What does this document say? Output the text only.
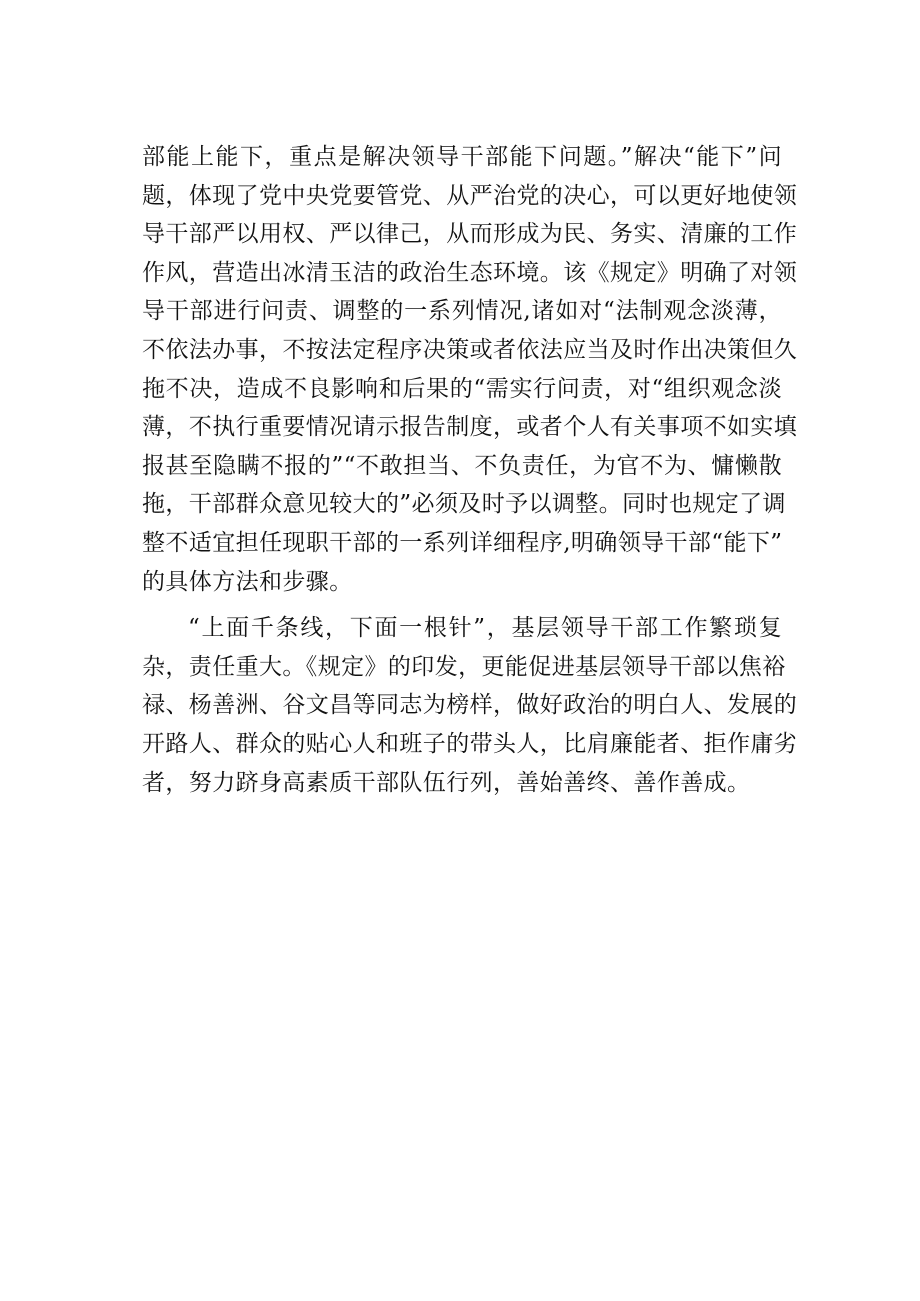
部能上能下，重点是解决领导干部能下问题。”解决“能下”问
题，体现了党中央党要管党、从严治党的决心，可以更好地使领
导干部严以用权、严以律己，从而形成为民、务实、清廉的工作
作风，营造出冰清玉洁的政治生态环境。该《规定》明确了对领
导干部进行问责、调整的一系列情况,诸如对“法制观念淡薄，
不依法办事，不按法定程序决策或者依法应当及时作出决策但久
拖不决，造成不良影响和后果的“需实行问责，对“组织观念淡
薄，不执行重要情况请示报告制度，或者个人有关事项不如实填
报甚至隐瞒不报的”“不敢担当、不负责任，为官不为、慵懒散
拖，干部群众意见较大的”必须及时予以调整。同时也规定了调
整不适宜担任现职干部的一系列详细程序,明确领导干部“能下”
的具体方法和步骤。
“上面千条线，下面一根针”，基层领导干部工作繁琐复
杂，责任重大。《规定》的印发，更能促进基层领导干部以焦裕
禄、杨善洲、谷文昌等同志为榜样，做好政治的明白人、发展的
开路人、群众的贴心人和班子的带头人，比肩廉能者、拒作庸劣
者，努力跻身高素质干部队伍行列，善始善终、善作善成。
